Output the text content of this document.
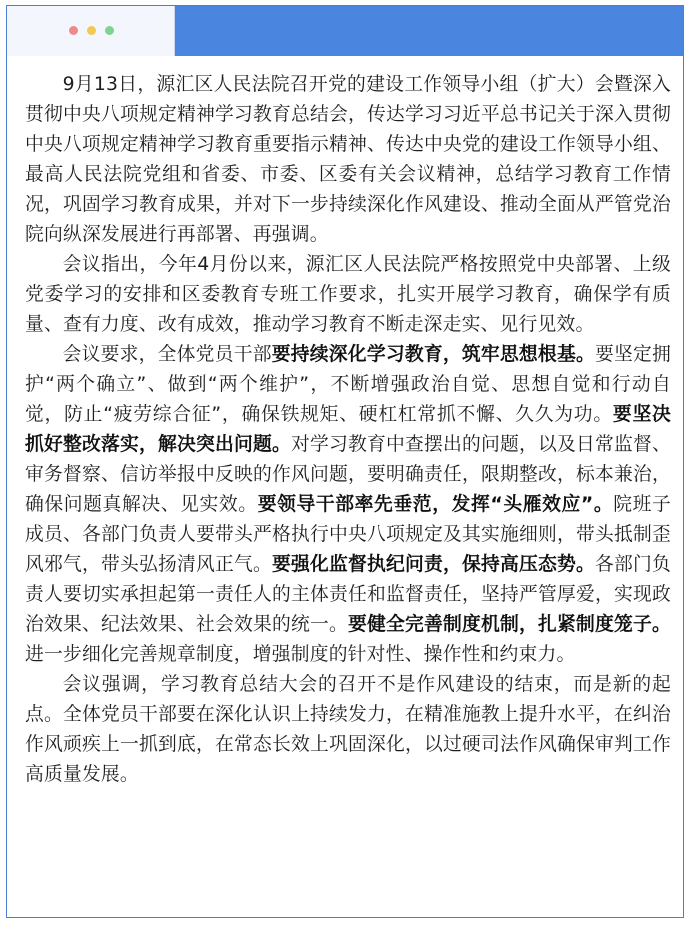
9月13日，源汇区人民法院召开党的建设工作领导小组（扩大）会暨深入贯彻中央八项规定精神学习教育总结会，传达学习习近平总书记关于深入贯彻中央八项规定精神学习教育重要指示精神、传达中央党的建设工作领导小组、最高人民法院党组和省委、市委、区委有关会议精神，总结学习教育工作情况，巩固学习教育成果，并对下一步持续深化作风建设、推动全面从严管党治院向纵深发展进行再部署、再强调。

会议指出，今年4月份以来，源汇区人民法院严格按照党中央部署、上级党委学习的安排和区委教育专班工作要求，扎实开展学习教育，确保学有质量、查有力度、改有成效，推动学习教育不断走深走实、见行见效。

会议要求，全体党员干部要持续深化学习教育，筑牢思想根基。要坚定拥护“两个确立”、做到“两个维护”，不断增强政治自觉、思想自觉和行动自觉，防止“疲劳综合征”，确保铁规矩、硬杠杠常抓不懈、久久为功。要坚决抓好整改落实，解决突出问题。对学习教育中查摆出的问题，以及日常监督、审务督察、信访举报中反映的作风问题，要明确责任，限期整改，标本兼治，确保问题真解决、见实效。要领导干部率先垂范，发挥“头雁效应”。院班子成员、各部门负责人要带头严格执行中央八项规定及其实施细则，带头抵制歪风邪气，带头弘扬清风正气。要强化监督执纪问责，保持高压态势。各部门负责人要切实承担起第一责任人的主体责任和监督责任，坚持严管厚爱，实现政治效果、纪法效果、社会效果的统一。要健全完善制度机制，扎紧制度笼子。进一步细化完善规章制度，增强制度的针对性、操作性和约束力。

会议强调，学习教育总结大会的召开不是作风建设的结束，而是新的起点。全体党员干部要在深化认识上持续发力，在精准施教上提升水平，在纠治作风顽疾上一抓到底，在常态长效上巩固深化，以过硬司法作风确保审判工作高质量发展。
